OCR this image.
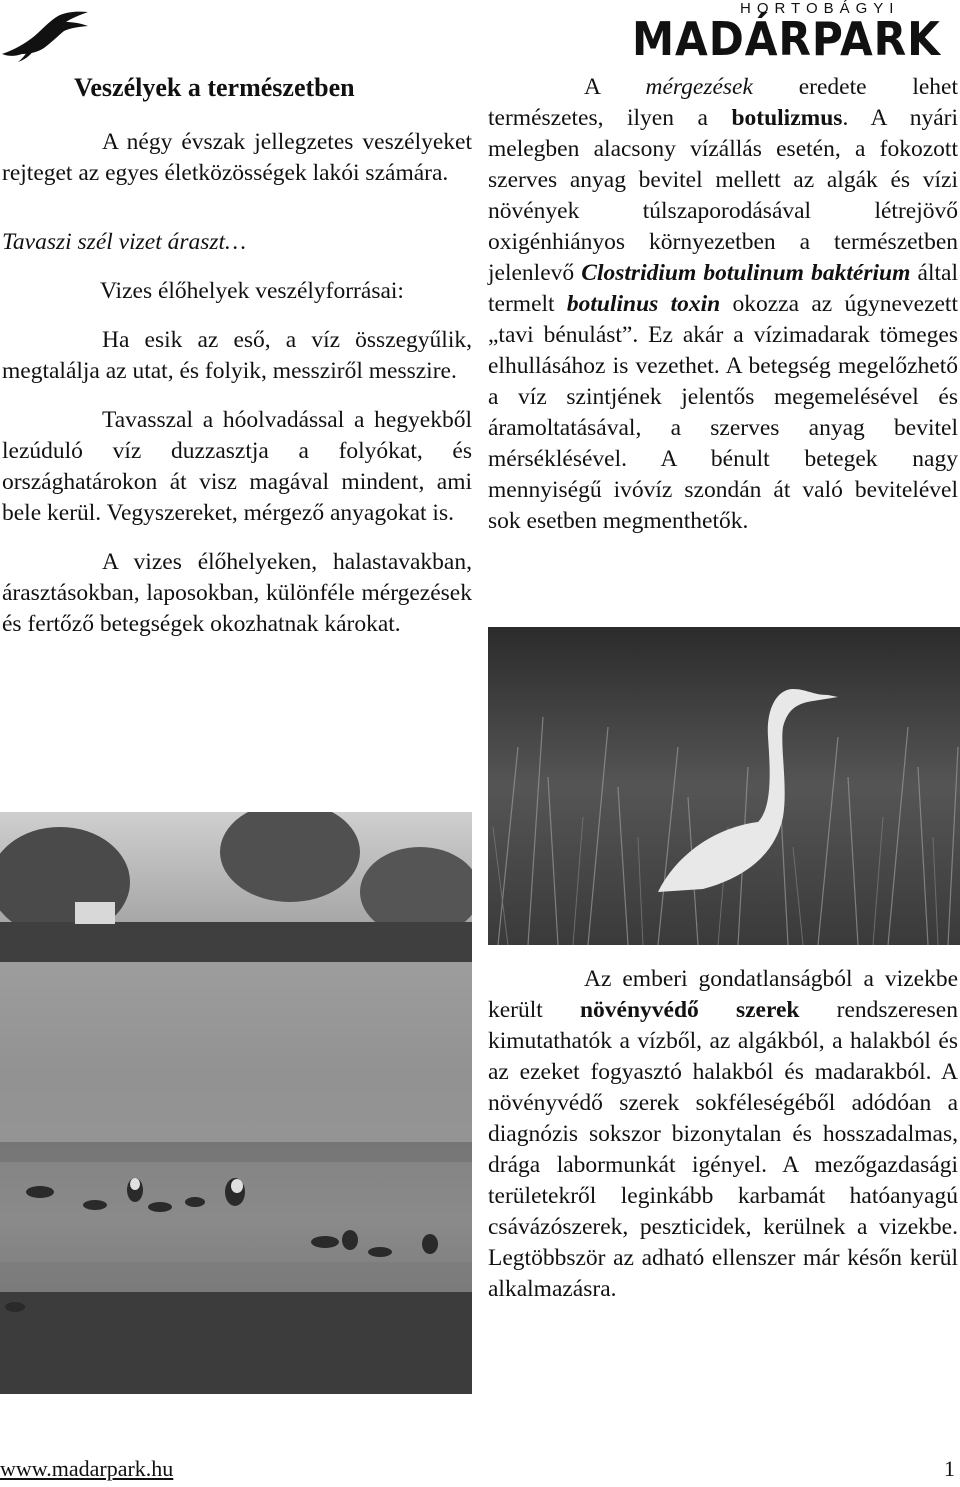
HORTOBÁGYI
MADÁRPARK

Veszélyek a természetben

A négy évszak jellegzetes veszélyeket rejteget az egyes életközösségek lakói számára.

Tavaszi szél vizet áraszt…

Vizes élőhelyek veszélyforrásai:

Ha esik az eső, a víz összegyűlik, megtalálja az utat, és folyik, messziről messzire.

Tavasszal a hóolvadással a hegyekből lezúduló víz duzzasztja a folyókat, és országhatárokon át visz magával mindent, ami bele kerül. Vegyszereket, mérgező anyagokat is.

A vizes élőhelyeken, halastavakban, árasztásokban, laposokban, különféle mérgezések és fertőző betegségek okozhatnak károkat.

A mérgezések eredete lehet természetes, ilyen a botulizmus. A nyári melegben alacsony vízállás esetén, a fokozott szerves anyag bevitel mellett az algák és vízi növények túlszaporodásával létrejövő oxigénhiányos környezetben a természetben jelenlevő Clostridium botulinum baktérium által termelt botulinus toxin okozza az úgynevezett „tavi bénulást”. Ez akár a vízimadarak tömeges elhullásához is vezethet. A betegség megelőzhető a víz szintjének jelentős megemelésével és áramoltatásával, a szerves anyag bevitel mérséklésével. A bénult betegek nagy mennyiségű ivóvíz szondán át való bevitelével sok esetben megmenthetők.

Az emberi gondatlanságból a vizekbe került növényvédő szerek rendszeresen kimutathatók a vízből, az algákból, a halakból és az ezeket fogyasztó halakból és madarakból. A növényvédő szerek sokféleségéből adódóan a diagnózis sokszor bizonytalan és hosszadalmas, drága labormunkát igényel. A mezőgazdasági területekről leginkább karbamát hatóanyagú csávázószerek, peszticidek, kerülnek a vizekbe. Legtöbbször az adható ellenszer már későn kerül alkalmazásra.

www.madarpark.hu	1
